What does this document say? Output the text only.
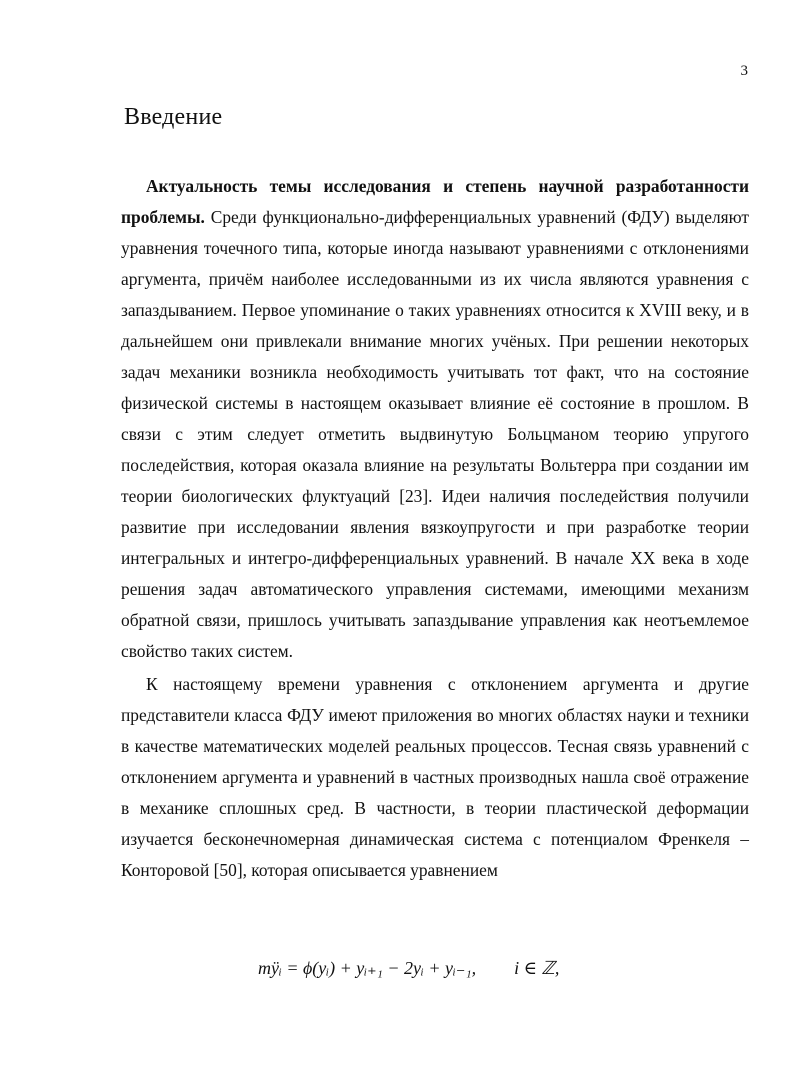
3
Введение

Актуальность темы исследования и степень научной разработанности проблемы. Среди функционально-дифференциальных уравнений (ФДУ) выделяют уравнения точечного типа, которые иногда называют уравнениями с отклонениями аргумента, причём наиболее исследованными из их числа являются уравнения с запаздыванием. Первое упоминание о таких уравнениях относится к XVIII веку, и в дальнейшем они привлекали внимание многих учёных. При решении некоторых задач механики возникла необходимость учитывать тот факт, что на состояние физической системы в настоящем оказывает влияние её состояние в прошлом. В связи с этим следует отметить выдвинутую Больцманом теорию упругого последействия, которая оказала влияние на результаты Вольтерра при создании им теории биологических флуктуаций [23]. Идеи наличия последействия получили развитие при исследовании явления вязкоупругости и при разработке теории интегральных и интегро-дифференциальных уравнений. В начале XX века в ходе решения задач автоматического управления системами, имеющими механизм обратной связи, пришлось учитывать запаздывание управления как неотъемлемое свойство таких систем.

К настоящему времени уравнения с отклонением аргумента и другие представители класса ФДУ имеют приложения во многих областях науки и техники в качестве математических моделей реальных процессов. Тесная связь уравнений с отклонением аргумента и уравнений в частных производных нашла своё отражение в механике сплошных сред. В частности, в теории пластической деформации изучается бесконечномерная динамическая система с потенциалом Френкеля – Конторовой [50], которая описывается уравнением

mÿᵢ = ϕ(yᵢ) + yᵢ₊₁ − 2yᵢ + yᵢ₋₁, i ∈ ℤ,
